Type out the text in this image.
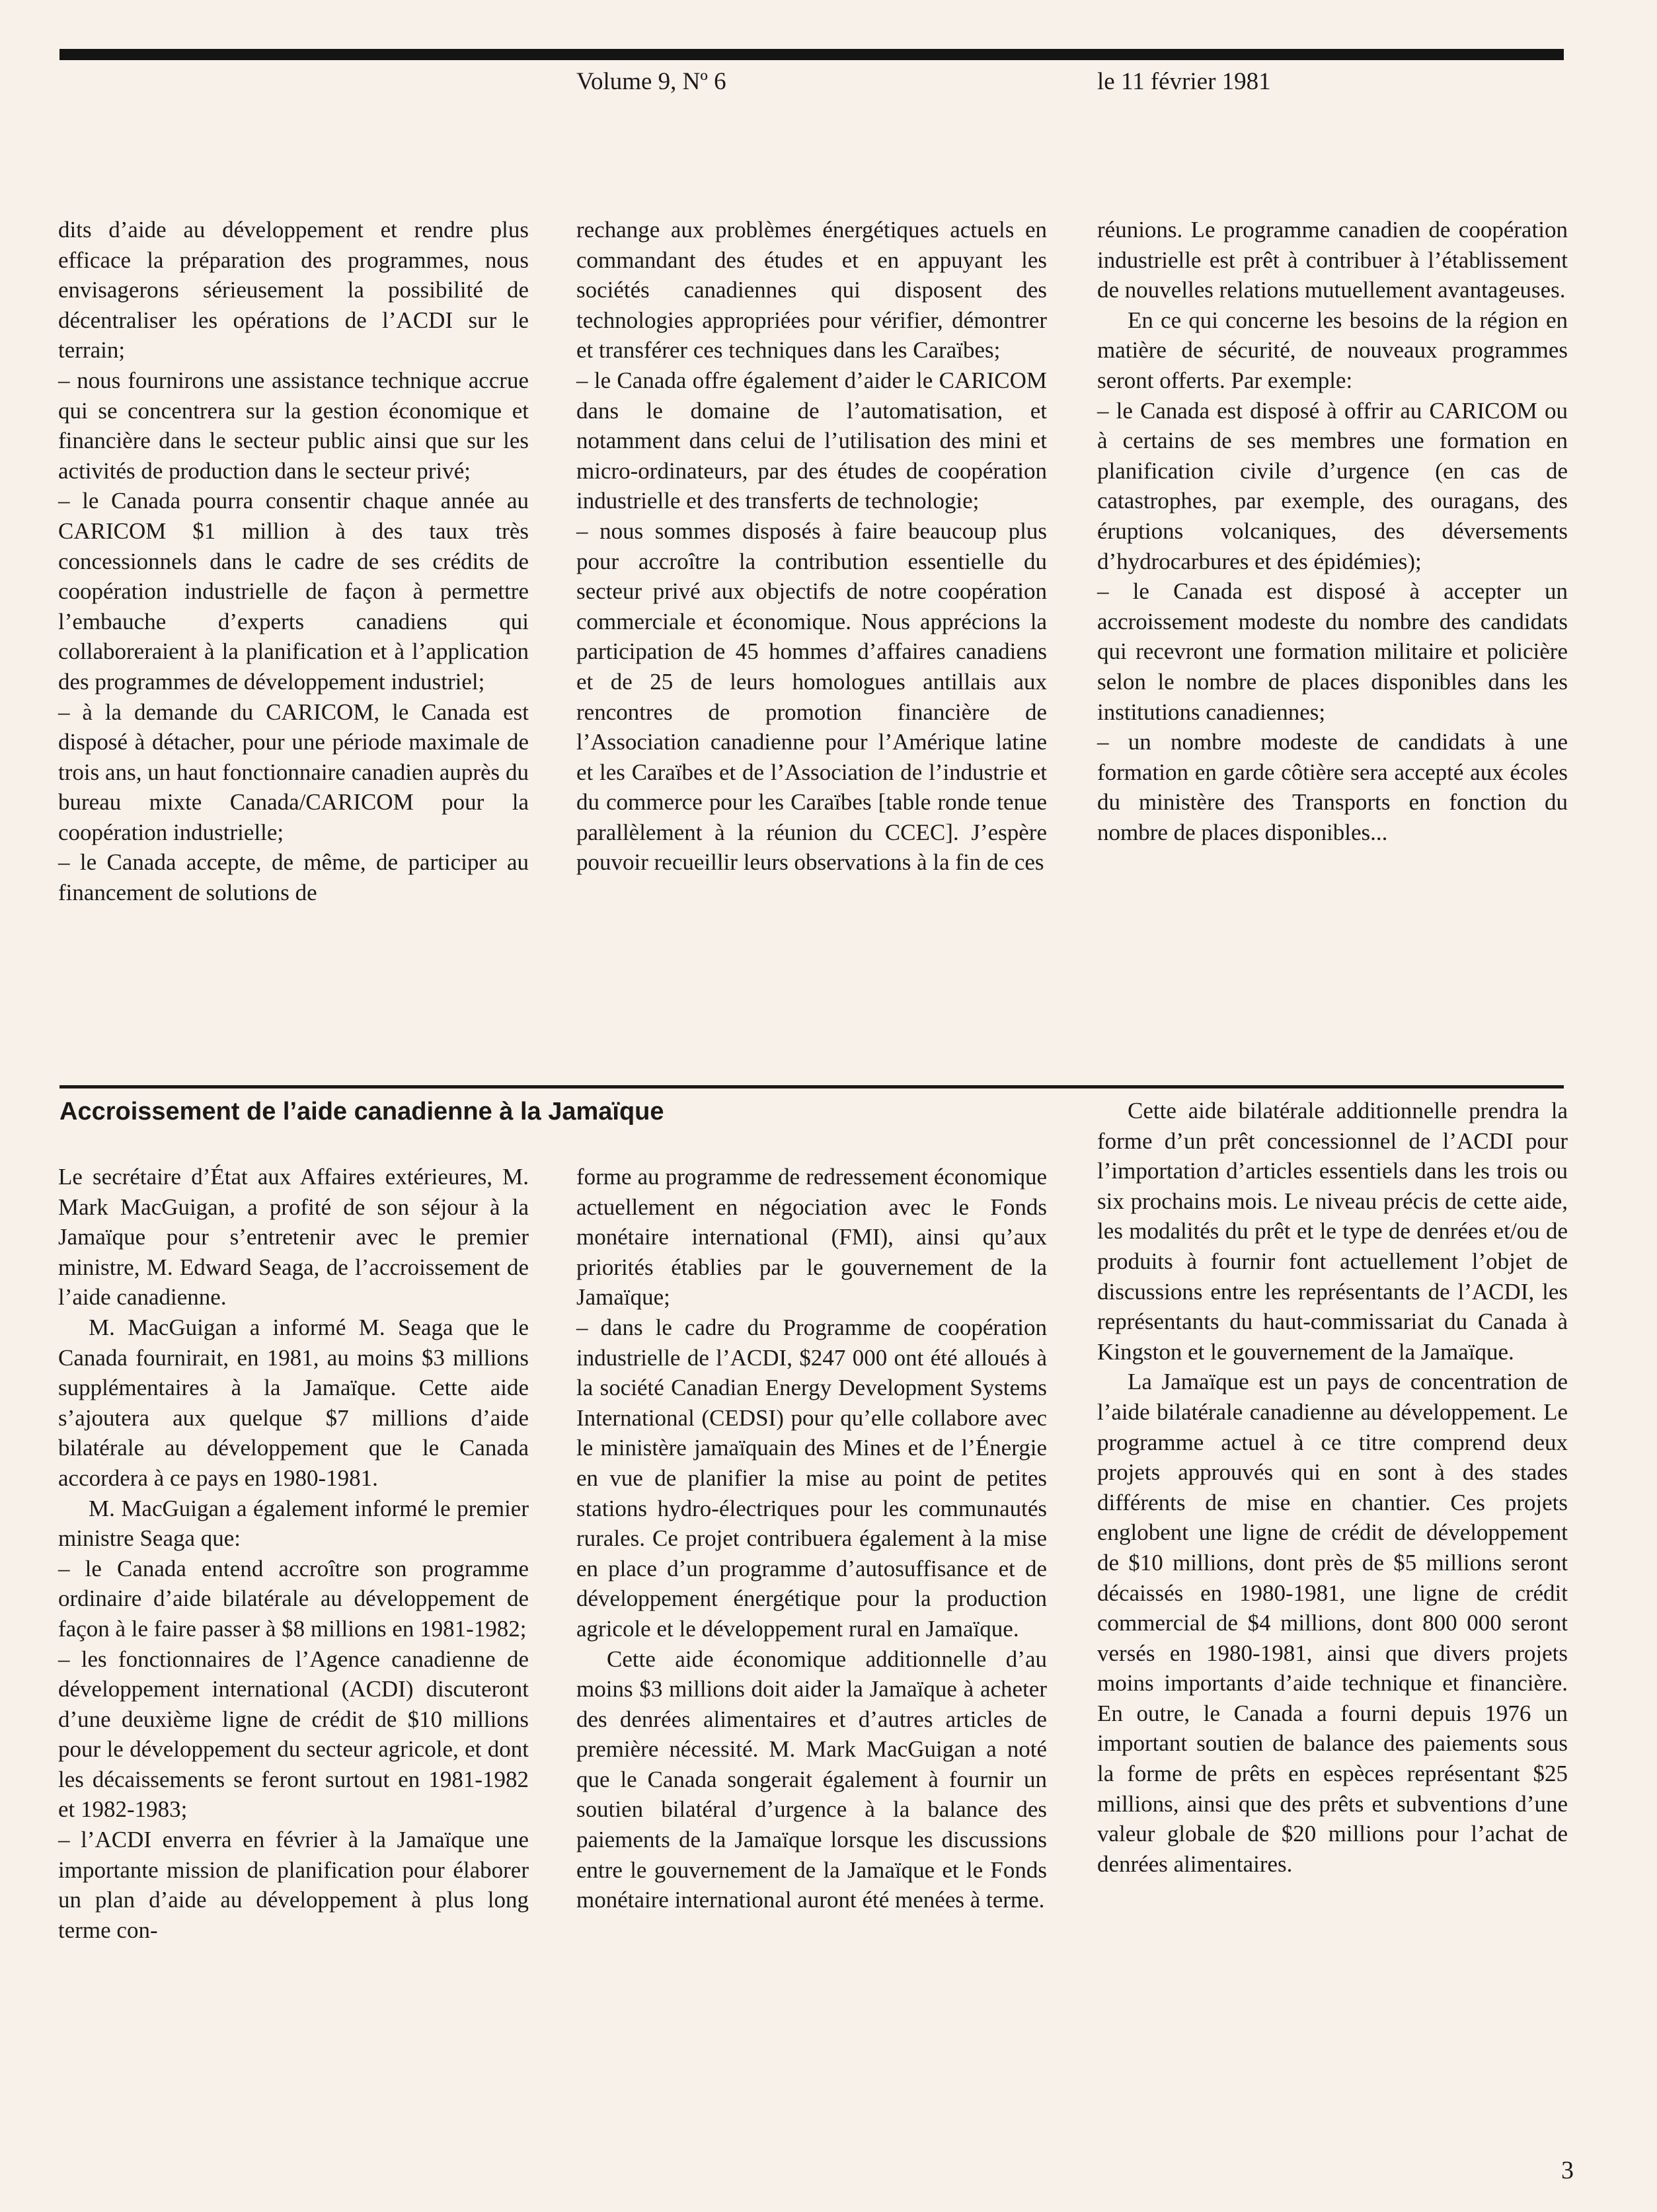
Volume 9, Nº 6	le 11 février 1981

dits d’aide au développement et rendre plus efficace la préparation des programmes, nous envisagerons sérieusement la possibilité de décentraliser les opérations de l’ACDI sur le terrain;

– nous fournirons une assistance technique accrue qui se concentrera sur la gestion économique et financière dans le secteur public ainsi que sur les activités de production dans le secteur privé;

– le Canada pourra consentir chaque année au CARICOM $1 million à des taux très concessionnels dans le cadre de ses crédits de coopération industrielle de façon à permettre l’embauche d’experts canadiens qui collaboreraient à la planification et à l’application des programmes de développement industriel;

– à la demande du CARICOM, le Canada est disposé à détacher, pour une période maximale de trois ans, un haut fonctionnaire canadien auprès du bureau mixte Canada/CARICOM pour la coopération industrielle;

– le Canada accepte, de même, de participer au financement de solutions de

rechange aux problèmes énergétiques actuels en commandant des études et en appuyant les sociétés canadiennes qui disposent des technologies appropriées pour vérifier, démontrer et transférer ces techniques dans les Caraïbes;

– le Canada offre également d’aider le CARICOM dans le domaine de l’automatisation, et notamment dans celui de l’utilisation des mini et micro-ordinateurs, par des études de coopération industrielle et des transferts de technologie;

– nous sommes disposés à faire beaucoup plus pour accroître la contribution essentielle du secteur privé aux objectifs de notre coopération commerciale et économique. Nous apprécions la participation de 45 hommes d’affaires canadiens et de 25 de leurs homologues antillais aux rencontres de promotion financière de l’Association canadienne pour l’Amérique latine et les Caraïbes et de l’Association de l’industrie et du commerce pour les Caraïbes [table ronde tenue parallèlement à la réunion du CCEC]. J’espère pouvoir recueillir leurs observations à la fin de ces

réunions. Le programme canadien de coopération industrielle est prêt à contribuer à l’établissement de nouvelles relations mutuellement avantageuses.

En ce qui concerne les besoins de la région en matière de sécurité, de nouveaux programmes seront offerts. Par exemple:

– le Canada est disposé à offrir au CARICOM ou à certains de ses membres une formation en planification civile d’urgence (en cas de catastrophes, par exemple, des ouragans, des éruptions volcaniques, des déversements d’hydrocarbures et des épidémies);

– le Canada est disposé à accepter un accroissement modeste du nombre des candidats qui recevront une formation militaire et policière selon le nombre de places disponibles dans les institutions canadiennes;

– un nombre modeste de candidats à une formation en garde côtière sera accepté aux écoles du ministère des Transports en fonction du nombre de places disponibles...

Accroissement de l’aide canadienne à la Jamaïque

Le secrétaire d’État aux Affaires extérieures, M. Mark MacGuigan, a profité de son séjour à la Jamaïque pour s’entretenir avec le premier ministre, M. Edward Seaga, de l’accroissement de l’aide canadienne.

M. MacGuigan a informé M. Seaga que le Canada fournirait, en 1981, au moins $3 millions supplémentaires à la Jamaïque. Cette aide s’ajoutera aux quelque $7 millions d’aide bilatérale au développement que le Canada accordera à ce pays en 1980-1981.

M. MacGuigan a également informé le premier ministre Seaga que:

– le Canada entend accroître son programme ordinaire d’aide bilatérale au développement de façon à le faire passer à $8 millions en 1981-1982;

– les fonctionnaires de l’Agence canadienne de développement international (ACDI) discuteront d’une deuxième ligne de crédit de $10 millions pour le développement du secteur agricole, et dont les décaissements se feront surtout en 1981-1982 et 1982-1983;

– l’ACDI enverra en février à la Jamaïque une importante mission de planification pour élaborer un plan d’aide au développement à plus long terme con-

forme au programme de redressement économique actuellement en négociation avec le Fonds monétaire international (FMI), ainsi qu’aux priorités établies par le gouvernement de la Jamaïque;

– dans le cadre du Programme de coopération industrielle de l’ACDI, $247 000 ont été alloués à la société Canadian Energy Development Systems International (CEDSI) pour qu’elle collabore avec le ministère jamaïquain des Mines et de l’Énergie en vue de planifier la mise au point de petites stations hydro-électriques pour les communautés rurales. Ce projet contribuera également à la mise en place d’un programme d’autosuffisance et de développement énergétique pour la production agricole et le développement rural en Jamaïque.

Cette aide économique additionnelle d’au moins $3 millions doit aider la Jamaïque à acheter des denrées alimentaires et d’autres articles de première nécessité. M. Mark MacGuigan a noté que le Canada songerait également à fournir un soutien bilatéral d’urgence à la balance des paiements de la Jamaïque lorsque les discussions entre le gouvernement de la Jamaïque et le Fonds monétaire international auront été menées à terme.

Cette aide bilatérale additionnelle prendra la forme d’un prêt concessionnel de l’ACDI pour l’importation d’articles essentiels dans les trois ou six prochains mois. Le niveau précis de cette aide, les modalités du prêt et le type de denrées et/ou de produits à fournir font actuellement l’objet de discussions entre les représentants de l’ACDI, les représentants du haut-commissariat du Canada à Kingston et le gouvernement de la Jamaïque.

La Jamaïque est un pays de concentration de l’aide bilatérale canadienne au développement. Le programme actuel à ce titre comprend deux projets approuvés qui en sont à des stades différents de mise en chantier. Ces projets englobent une ligne de crédit de développement de $10 millions, dont près de $5 millions seront décaissés en 1980-1981, une ligne de crédit commercial de $4 millions, dont 800 000 seront versés en 1980-1981, ainsi que divers projets moins importants d’aide technique et financière. En outre, le Canada a fourni depuis 1976 un important soutien de balance des paiements sous la forme de prêts en espèces représentant $25 millions, ainsi que des prêts et subventions d’une valeur globale de $20 millions pour l’achat de denrées alimentaires.

3
